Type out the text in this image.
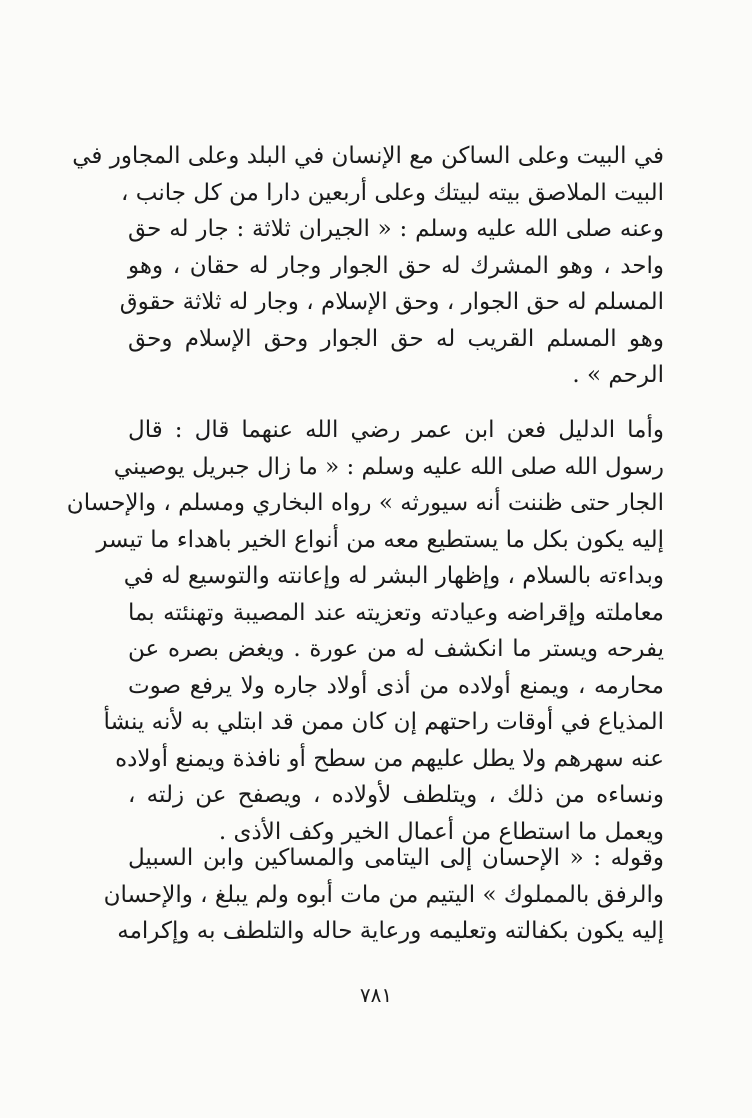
في البيت وعلى الساكن مع الإنسان في البلد وعلى المجاور في
البيت الملاصق بيته لبيتك وعلى أربعين دارا من كل جانب ،
وعنه صلى الله عليه وسلم : « الجيران ثلاثة : جار له حق
واحد ، وهو المشرك له حق الجوار وجار له حقان ، وهو
المسلم له حق الجوار ، وحق الإسلام ، وجار له ثلاثة حقوق
وهو المسلم القريب له حق الجوار وحق الإسلام وحق
الرحم » .
وأما الدليل فعن ابن عمر رضي الله عنهما قال : قال
رسول الله صلى الله عليه وسلم : « ما زال جبريل يوصيني
الجار حتى ظننت أنه سيورثه » رواه البخاري ومسلم ، والإحسان
إليه يكون بكل ما يستطيع معه من أنواع الخير باهداء ما تيسر
وبداءته بالسلام ، وإظهار البشر له وإعانته والتوسيع له في
معاملته وإقراضه وعيادته وتعزيته عند المصيبة وتهنئته بما
يفرحه ويستر ما انكشف له من عورة . ويغض بصره عن
محارمه ، ويمنع أولاده من أذى أولاد جاره ولا يرفع صوت
المذياع في أوقات راحتهم إن كان ممن قد ابتلي به لأنه ينشأ
عنه سهرهم ولا يطل عليهم من سطح أو نافذة ويمنع أولاده
ونساءه من ذلك ، ويتلطف لأولاده ، ويصفح عن زلته ،
ويعمل ما استطاع من أعمال الخير وكف الأذى .
وقوله : « الإحسان إلى اليتامى والمساكين وابن السبيل
والرفق بالمملوك » اليتيم من مات أبوه ولم يبلغ ، والإحسان
إليه يكون بكفالته وتعليمه ورعاية حاله والتلطف به وإكرامه
٧٨١
